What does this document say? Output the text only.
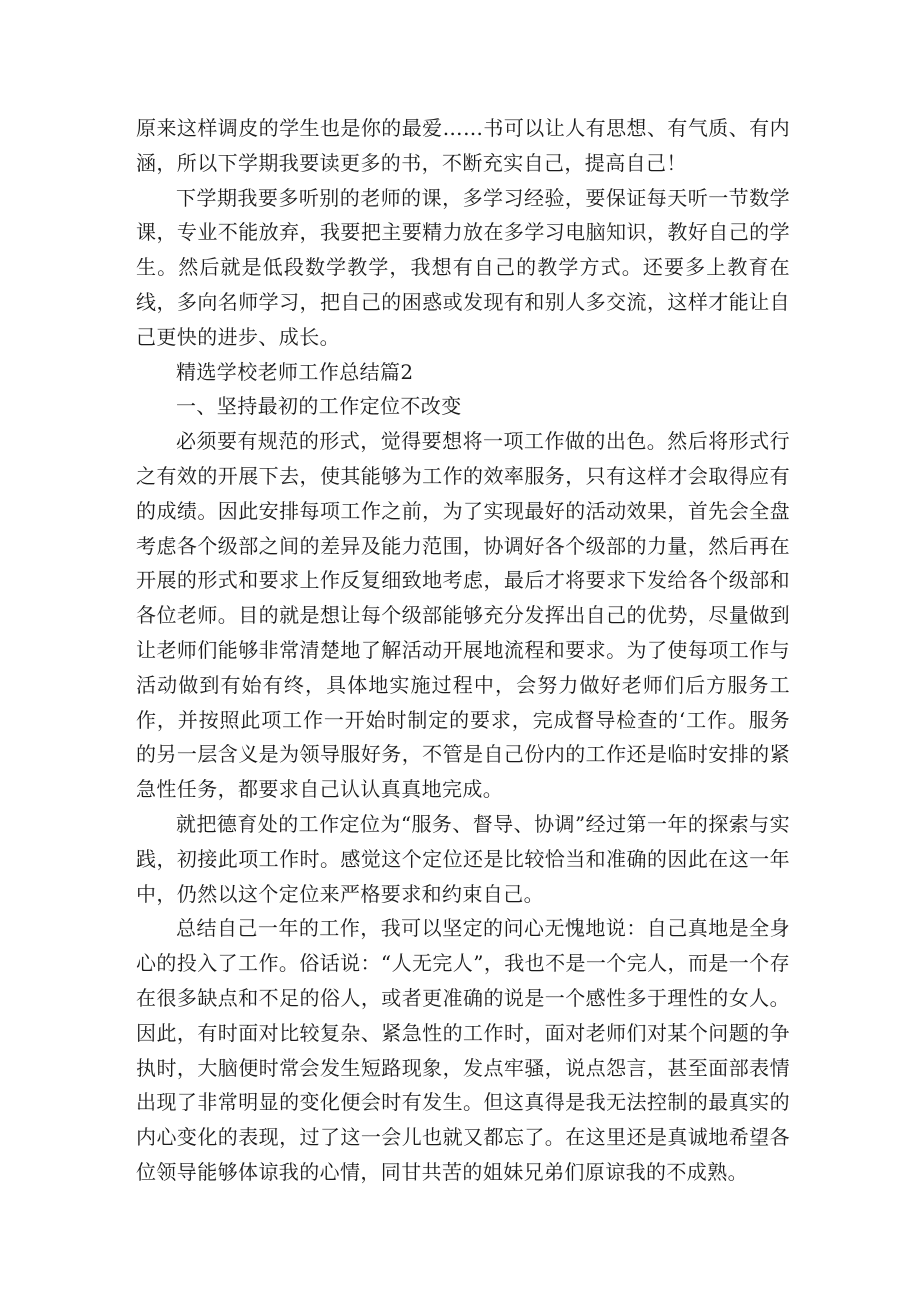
原来这样调皮的学生也是你的最爱……书可以让人有思想、有气质、有内涵，所以下学期我要读更多的书，不断充实自己，提高自己！

下学期我要多听别的老师的课，多学习经验，要保证每天听一节数学课，专业不能放弃，我要把主要精力放在多学习电脑知识，教好自己的学生。然后就是低段数学教学，我想有自己的教学方式。还要多上教育在线，多向名师学习，把自己的困惑或发现有和别人多交流，这样才能让自己更快的进步、成长。

精选学校老师工作总结篇2

一、坚持最初的工作定位不改变

必须要有规范的形式，觉得要想将一项工作做的出色。然后将形式行之有效的开展下去，使其能够为工作的效率服务，只有这样才会取得应有的成绩。因此安排每项工作之前，为了实现最好的活动效果，首先会全盘考虑各个级部之间的差异及能力范围，协调好各个级部的力量，然后再在开展的形式和要求上作反复细致地考虑，最后才将要求下发给各个级部和各位老师。目的就是想让每个级部能够充分发挥出自己的优势，尽量做到让老师们能够非常清楚地了解活动开展地流程和要求。为了使每项工作与活动做到有始有终，具体地实施过程中，会努力做好老师们后方服务工作，并按照此项工作一开始时制定的要求，完成督导检查的‘工作。服务的另一层含义是为领导服好务，不管是自己份内的工作还是临时安排的紧急性任务，都要求自己认认真真地完成。

就把德育处的工作定位为“服务、督导、协调”经过第一年的探索与实践，初接此项工作时。感觉这个定位还是比较恰当和准确的因此在这一年中，仍然以这个定位来严格要求和约束自己。

总结自己一年的工作，我可以坚定的问心无愧地说：自己真地是全身心的投入了工作。俗话说：“人无完人”，我也不是一个完人，而是一个存在很多缺点和不足的俗人，或者更准确的说是一个感性多于理性的女人。因此，有时面对比较复杂、紧急性的工作时，面对老师们对某个问题的争执时，大脑便时常会发生短路现象，发点牢骚，说点怨言，甚至面部表情出现了非常明显的变化便会时有发生。但这真得是我无法控制的最真实的内心变化的表现，过了这一会儿也就又都忘了。在这里还是真诚地希望各位领导能够体谅我的心情，同甘共苦的姐妹兄弟们原谅我的不成熟。
